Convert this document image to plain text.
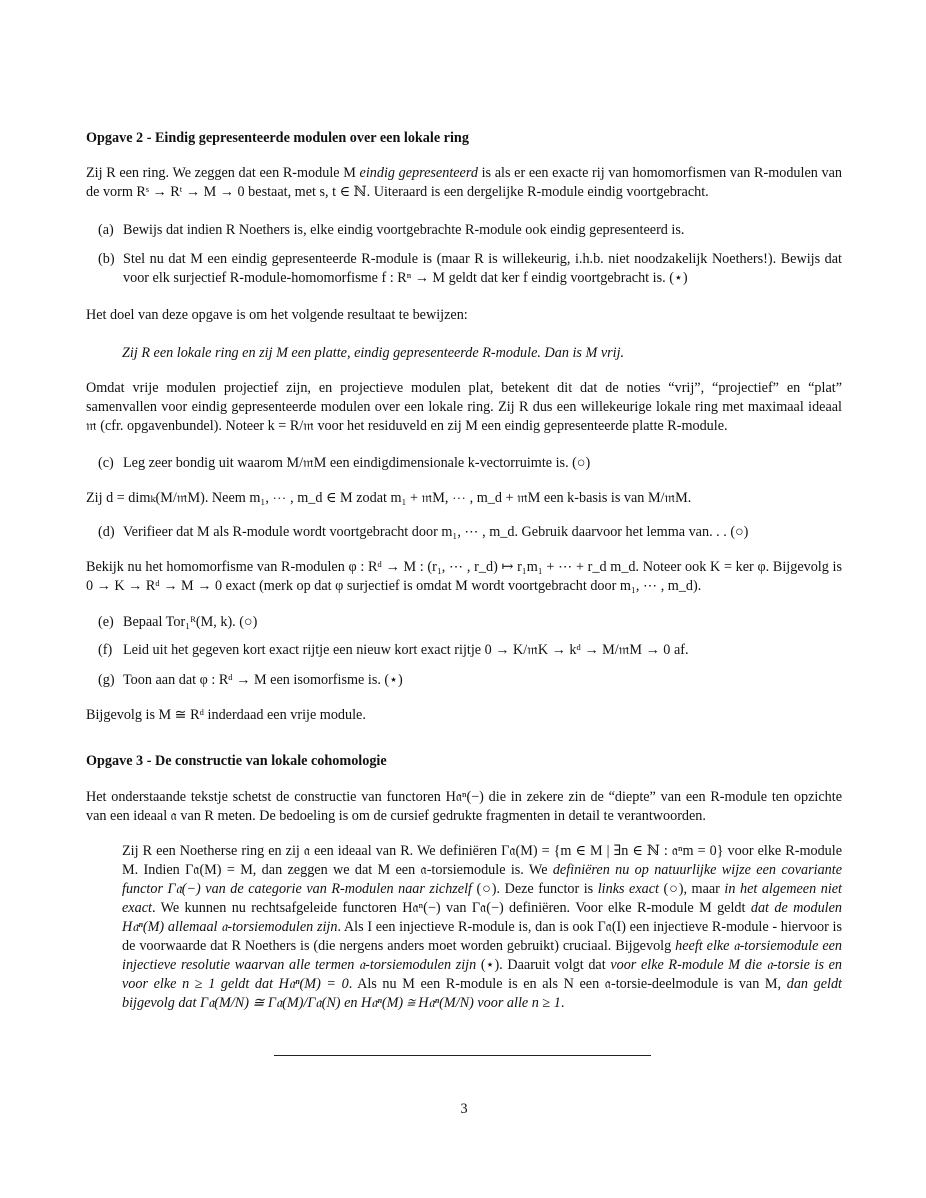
Opgave 2 - Eindig gepresenteerde modulen over een lokale ring
Zij R een ring. We zeggen dat een R-module M eindig gepresenteerd is als er een exacte rij van homomorfismen van R-modulen van de vorm Rˢ → Rᵗ → M → 0 bestaat, met s, t ∈ ℕ. Uiteraard is een dergelijke R-module eindig voortgebracht.
(a) Bewijs dat indien R Noethers is, elke eindig voortgebrachte R-module ook eindig gepresenteerd is.
(b) Stel nu dat M een eindig gepresenteerde R-module is (maar R is willekeurig, i.h.b. niet noodzakelijk Noethers!). Bewijs dat voor elk surjectief R-module-homomorfisme f : Rⁿ → M geldt dat ker f eindig voortgebracht is. (⋆)
Het doel van deze opgave is om het volgende resultaat te bewijzen:
Zij R een lokale ring en zij M een platte, eindig gepresenteerde R-module. Dan is M vrij.
Omdat vrije modulen projectief zijn, en projectieve modulen plat, betekent dit dat de noties “vrij”, “projectief” en “plat” samenvallen voor eindig gepresenteerde modulen over een lokale ring. Zij R dus een willekeurige lokale ring met maximaal ideaal 𝔪 (cfr. opgavenbundel). Noteer k = R/𝔪 voor het residuveld en zij M een eindig gepresenteerde platte R-module.
(c) Leg zeer bondig uit waarom M/𝔪M een eindigdimensionale k-vectorruimte is. (○)
Zij d = dimₖ(M/𝔪M). Neem m₁, ⋯ , m_d ∈ M zodat m₁ + 𝔪M, ⋯ , m_d + 𝔪M een k-basis is van M/𝔪M.
(d) Verifieer dat M als R-module wordt voortgebracht door m₁, ⋯ , m_d. Gebruik daarvoor het lemma van. . . (○)
Bekijk nu het homomorfisme van R-modulen φ : Rᵈ → M : (r₁, ⋯ , r_d) ↦ r₁m₁ + ⋯ + r_d m_d. Noteer ook K = ker φ. Bijgevolg is 0 → K → Rᵈ → M → 0 exact (merk op dat φ surjectief is omdat M wordt voortgebracht door m₁, ⋯ , m_d).
(e) Bepaal Tor₁ᴿ(M, k). (○)
(f) Leid uit het gegeven kort exact rijtje een nieuw kort exact rijtje 0 → K/𝔪K → kᵈ → M/𝔪M → 0 af.
(g) Toon aan dat φ : Rᵈ → M een isomorfisme is. (⋆)
Bijgevolg is M ≅ Rᵈ inderdaad een vrije module.
Opgave 3 - De constructie van lokale cohomologie
Het onderstaande tekstje schetst de constructie van functoren H𝔞ⁿ(−) die in zekere zin de “diepte” van een R-module ten opzichte van een ideaal 𝔞 van R meten. De bedoeling is om de cursief gedrukte fragmenten in detail te verantwoorden.
Zij R een Noetherse ring en zij 𝔞 een ideaal van R. We definiëren Γ𝔞(M) = {m ∈ M | ∃n ∈ ℕ : 𝔞ⁿm = 0} voor elke R-module M. Indien Γ𝔞(M) = M, dan zeggen we dat M een 𝔞-torsiemodule is. We definiëren nu op natuurlijke wijze een covariante functor Γ𝔞(−) van de categorie van R-modulen naar zichzelf (○). Deze functor is links exact (○), maar in het algemeen niet exact. We kunnen nu rechtsafgeleide functoren H𝔞ⁿ(−) van Γ𝔞(−) definiëren. Voor elke R-module M geldt dat de modulen H𝔞ⁿ(M) allemaal 𝔞-torsiemodulen zijn. Als I een injectieve R-module is, dan is ook Γ𝔞(I) een injectieve R-module - hiervoor is de voorwaarde dat R Noethers is (die nergens anders moet worden gebruikt) cruciaal. Bijgevolg heeft elke 𝔞-torsiemodule een injectieve resolutie waarvan alle termen 𝔞-torsiemodulen zijn (⋆). Daaruit volgt dat voor elke R-module M die 𝔞-torsie is en voor elke n ≥ 1 geldt dat H𝔞ⁿ(M) = 0. Als nu M een R-module is en als N een 𝔞-torsie-deelmodule is van M, dan geldt bijgevolg dat Γ𝔞(M/N) ≅ Γ𝔞(M)/Γ𝔞(N) en H𝔞ⁿ(M) ≅ H𝔞ⁿ(M/N) voor alle n ≥ 1.
3
